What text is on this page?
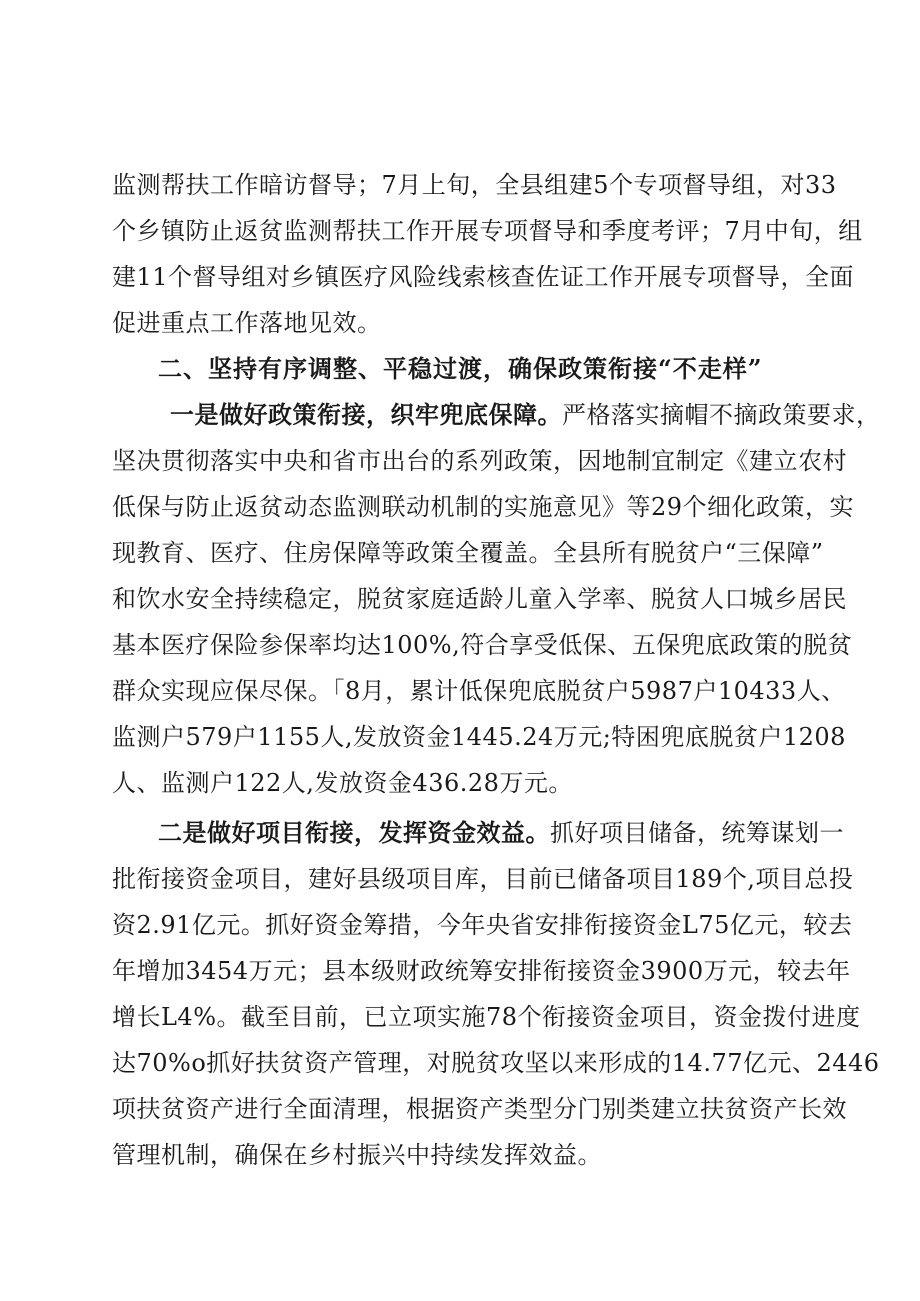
监测帮扶工作暗访督导；7月上旬，全县组建5个专项督导组，对33
个乡镇防止返贫监测帮扶工作开展专项督导和季度考评；7月中旬，组
建11个督导组对乡镇医疗风险线索核查佐证工作开展专项督导，全面
促进重点工作落地见效。
二、坚持有序调整、平稳过渡，确保政策衔接“不走样”
一是做好政策衔接，织牢兜底保障。严格落实摘帽不摘政策要求，
坚决贯彻落实中央和省市出台的系列政策，因地制宜制定《建立农村
低保与防止返贫动态监测联动机制的实施意见》等29个细化政策，实
现教育、医疗、住房保障等政策全覆盖。全县所有脱贫户“三保障”
和饮水安全持续稳定，脱贫家庭适龄儿童入学率、脱贫人口城乡居民
基本医疗保险参保率均达100%,符合享受低保、五保兜底政策的脱贫
群众实现应保尽保。「8月，累计低保兜底脱贫户5987户10433人、
监测户579户1155人,发放资金1445.24万元;特困兜底脱贫户1208
人、监测户122人,发放资金436.28万元。
二是做好项目衔接，发挥资金效益。抓好项目储备，统筹谋划一
批衔接资金项目，建好县级项目库，目前已储备项目189个,项目总投
资2.91亿元。抓好资金筹措，今年央省安排衔接资金L75亿元，较去
年增加3454万元；县本级财政统筹安排衔接资金3900万元，较去年
增长L4%。截至目前，已立项实施78个衔接资金项目，资金拨付进度
达70%o抓好扶贫资产管理，对脱贫攻坚以来形成的14.77亿元、2446
项扶贫资产进行全面清理，根据资产类型分门别类建立扶贫资产长效
管理机制，确保在乡村振兴中持续发挥效益。
